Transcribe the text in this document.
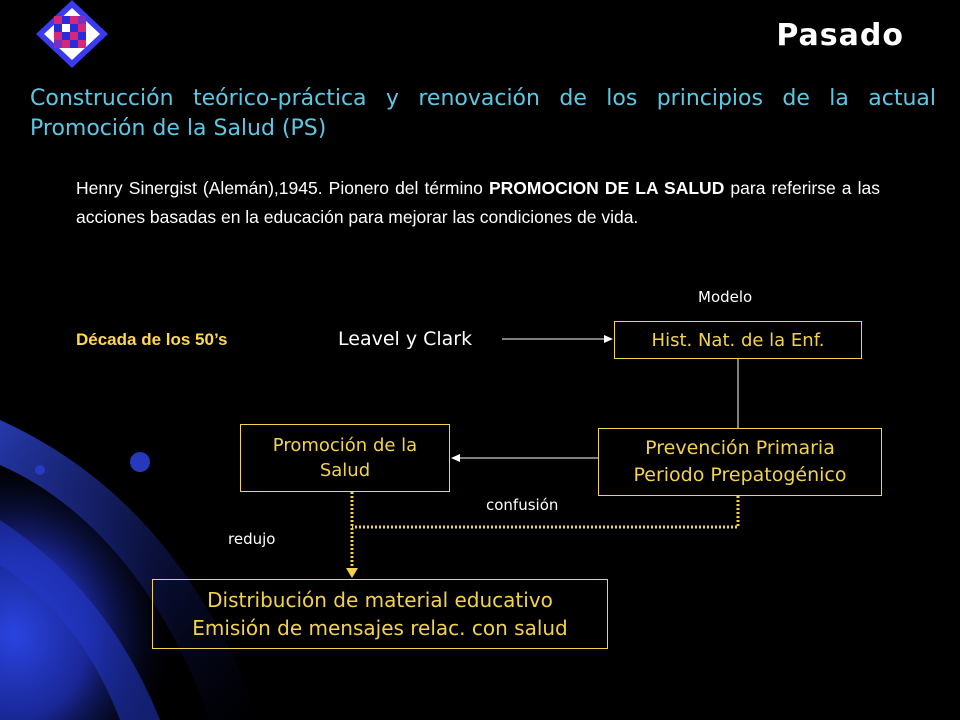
Pasado
Construcción teórico-práctica y renovación de los principios de la actual Promoción de la Salud (PS)
Henry Sinergist (Alemán),1945. Pionero del término PROMOCION DE LA SALUD para referirse a las acciones basadas en la educación para mejorar las condiciones de vida.
Década de los 50’s
Modelo
Leavel y Clark
confusión
redujo
Hist. Nat. de la Enf.
Promoción de la
Salud
Prevención Primaria
Periodo Prepatogénico
Distribución de material educativo
Emisión de mensajes relac. con salud
